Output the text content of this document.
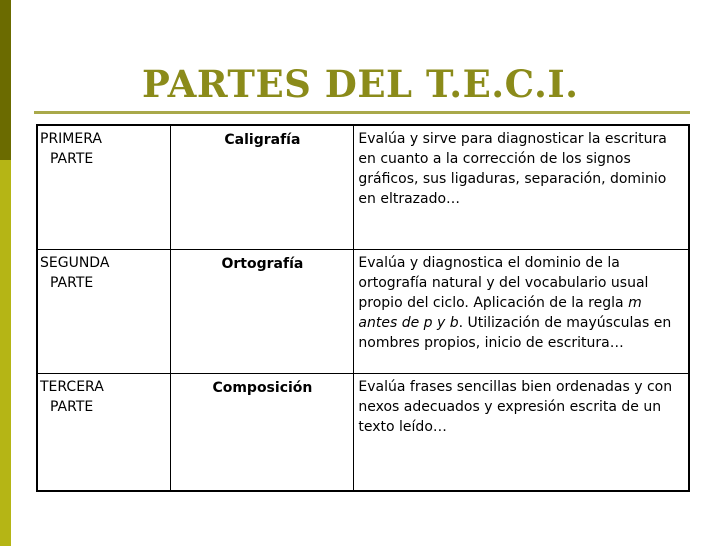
PARTES DEL T.E.C.I.
PRIMERA
PARTE	Caligrafía	Evalúa y sirve para diagnosticar la escritura en cuanto a la corrección de los signos gráficos, sus ligaduras, separación, dominio en eltrazado…
SEGUNDA
PARTE	Ortografía	Evalúa y diagnostica el dominio de la ortografía natural y del vocabulario usual propio del ciclo. Aplicación de la regla m antes de p y b. Utilización de mayúsculas en nombres propios, inicio de escritura…
TERCERA
PARTE	Composición	Evalúa frases sencillas bien ordenadas y con nexos adecuados y expresión escrita de un texto leído…
